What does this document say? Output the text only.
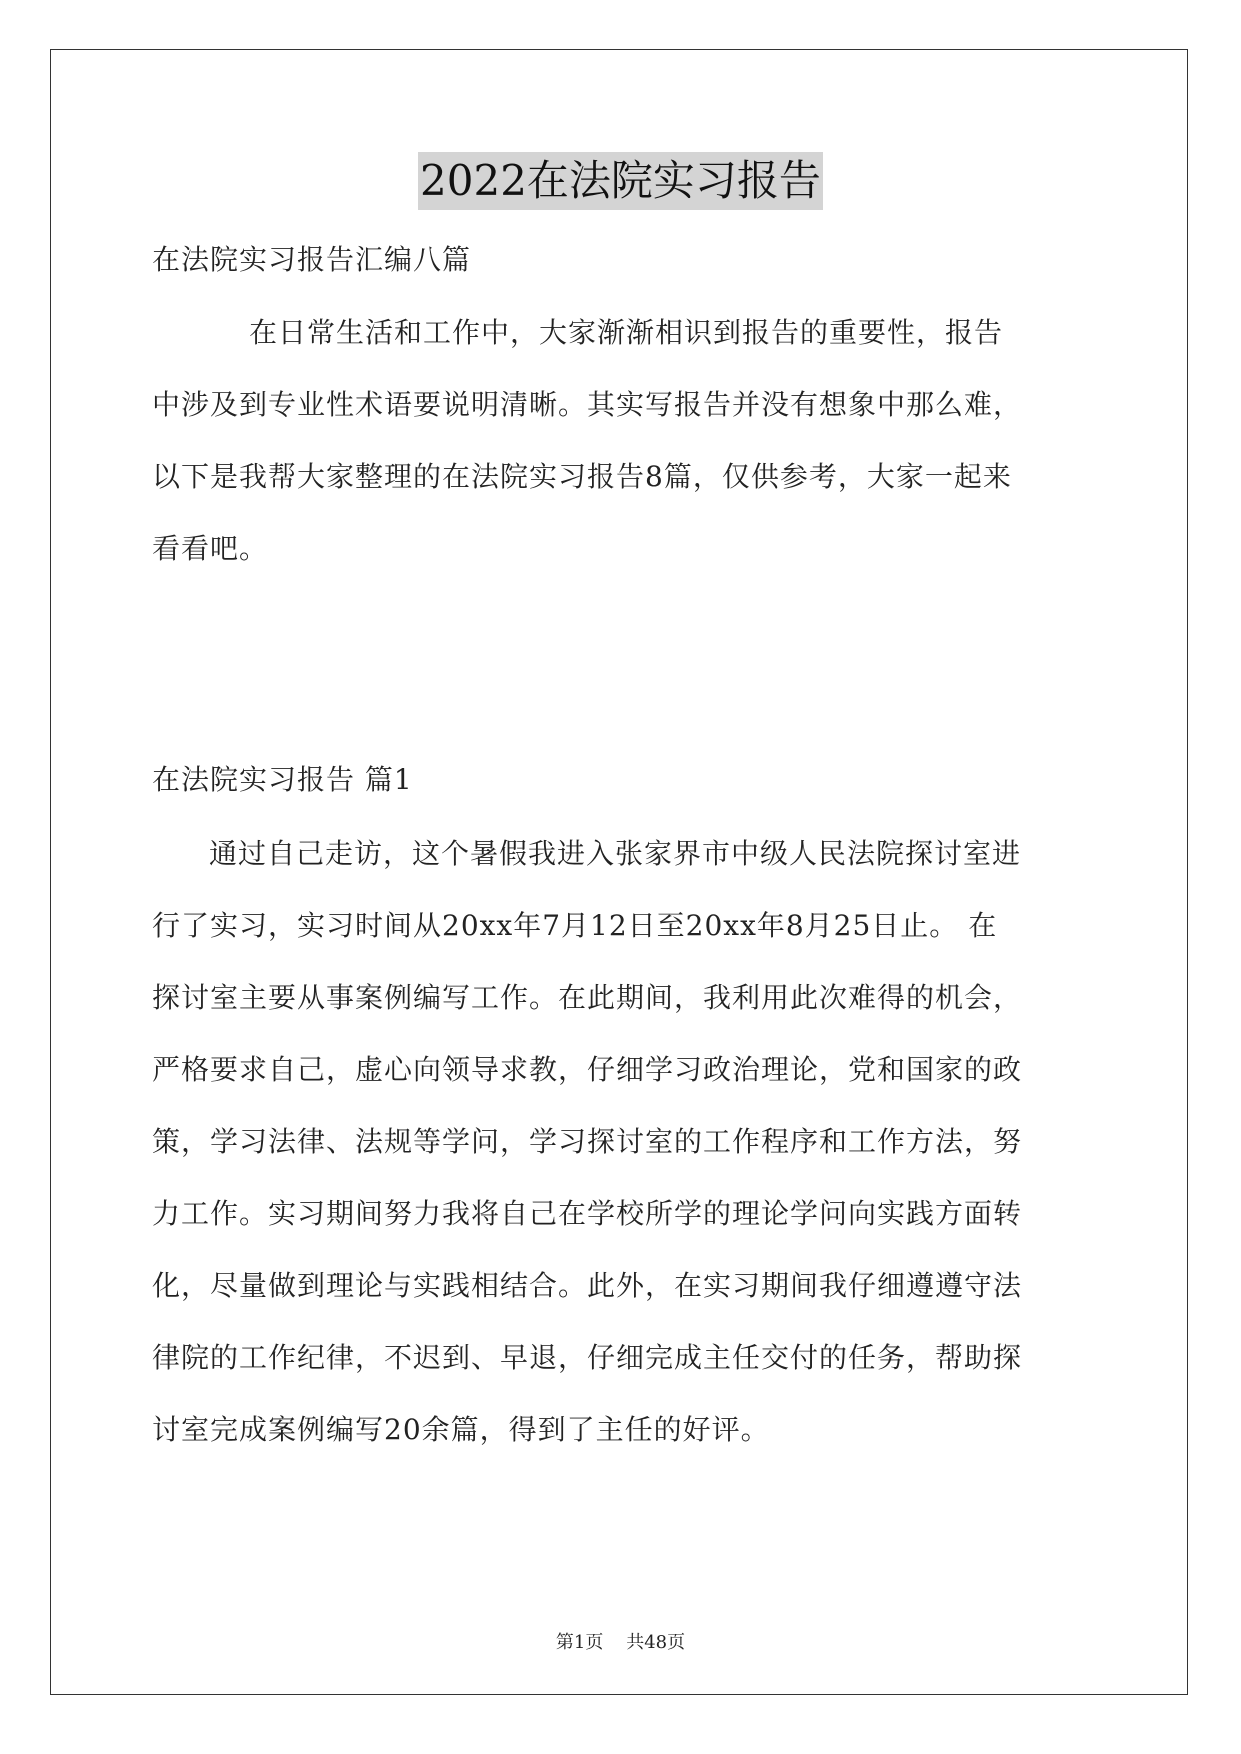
2022在法院实习报告
在法院实习报告汇编八篇
在日常生活和工作中，大家渐渐相识到报告的重要性，报告
中涉及到专业性术语要说明清晰。其实写报告并没有想象中那么难，
以下是我帮大家整理的在法院实习报告8篇，仅供参考，大家一起来
看看吧。
在法院实习报告 篇1
通过自己走访，这个暑假我进入张家界市中级人民法院探讨室进
行了实习，实习时间从20xx年7月12日至20xx年8月25日止。 在
探讨室主要从事案例编写工作。在此期间，我利用此次难得的机会，
严格要求自己，虚心向领导求教，仔细学习政治理论，党和国家的政
策，学习法律、法规等学问，学习探讨室的工作程序和工作方法，努
力工作。实习期间努力我将自己在学校所学的理论学问向实践方面转
化，尽量做到理论与实践相结合。此外，在实习期间我仔细遵遵守法
律院的工作纪律，不迟到、早退，仔细完成主任交付的任务，帮助探
讨室完成案例编写20余篇，得到了主任的好评。
第1页    共48页
